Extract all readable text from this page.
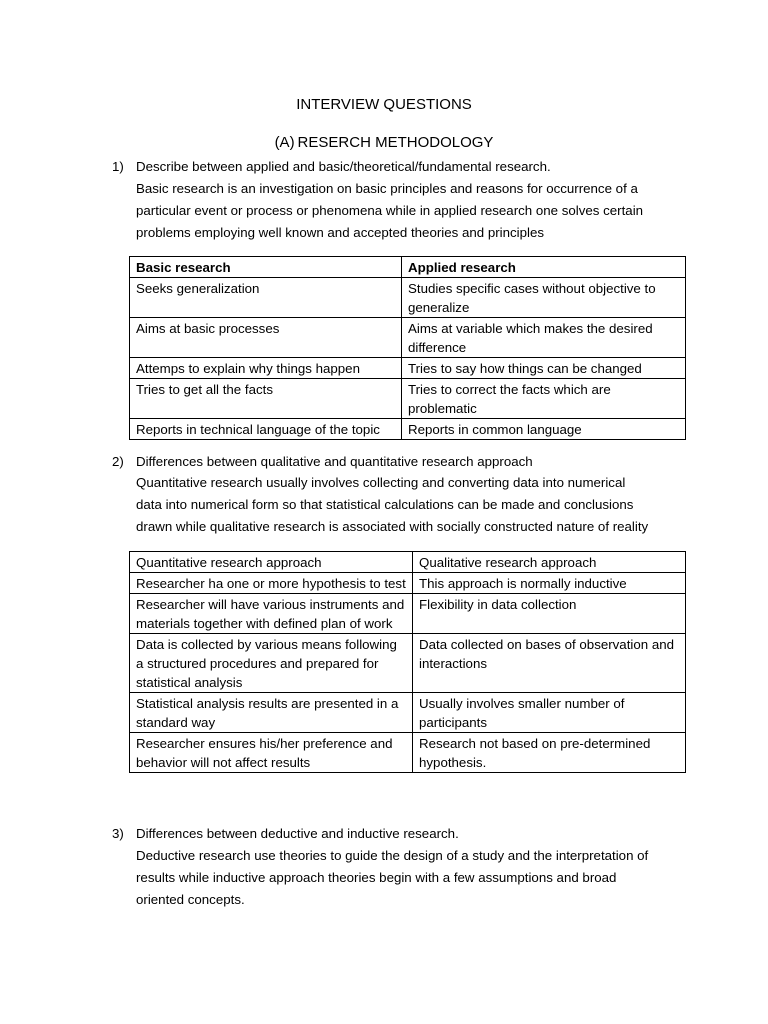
INTERVIEW QUESTIONS
(A) RESERCH METHODOLOGY
1) Describe between applied and basic/theoretical/fundamental research.
Basic research is an investigation on basic principles and reasons for occurrence of a
particular event or process or phenomena while in applied research one solves certain
problems employing well known and accepted theories and principles
Basic research	Applied research
Seeks generalization	Studies specific cases without objective to generalize
Aims at basic processes	Aims at variable which makes the desired difference
Attemps to explain why things happen	Tries to say how things can be changed
Tries to get all the facts	Tries to correct the facts which are problematic
Reports in technical language of the topic	Reports in common language
2) Differences between qualitative and quantitative research approach
Quantitative research usually involves collecting and converting data into numerical
data into numerical form so that statistical calculations can be made and conclusions
drawn while qualitative research is associated with socially constructed nature of reality
Quantitative research approach	Qualitative research approach
Researcher ha one or more hypothesis to test	This approach is normally inductive
Researcher will have various instruments and materials together with defined plan of work	Flexibility in data collection
Data is collected by various means following a structured procedures and prepared for statistical analysis	Data collected on bases of observation and interactions
Statistical analysis results are presented in a standard way	Usually involves smaller number of participants
Researcher ensures his/her preference and behavior will not affect results	Research not based on pre-determined hypothesis.
3) Differences between deductive and inductive research.
Deductive research use theories to guide the design of a study and the interpretation of
results while inductive approach theories begin with a few assumptions and broad
oriented concepts.
